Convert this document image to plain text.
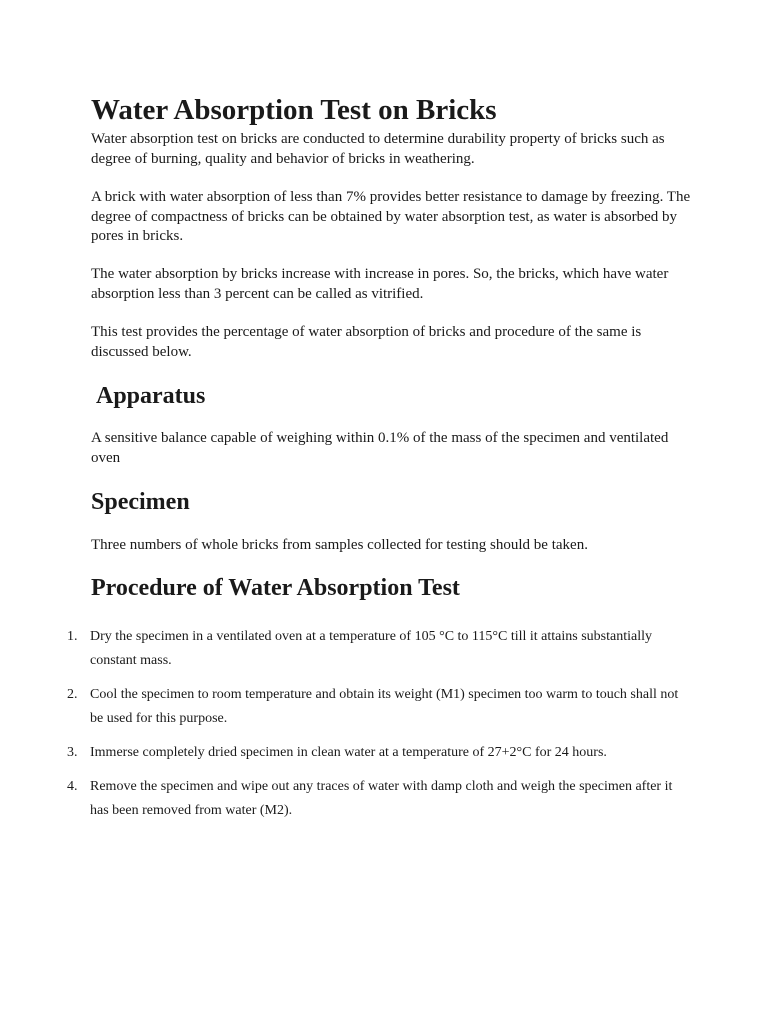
Water Absorption Test on Bricks

Water absorption test on bricks are conducted to determine durability property of bricks such as degree of burning, quality and behavior of bricks in weathering.

A brick with water absorption of less than 7% provides better resistance to damage by freezing. The degree of compactness of bricks can be obtained by water absorption test, as water is absorbed by pores in bricks.

The water absorption by bricks increase with increase in pores. So, the bricks, which have water absorption less than 3 percent can be called as vitrified.

This test provides the percentage of water absorption of bricks and procedure of the same is discussed below.

Apparatus

A sensitive balance capable of weighing within 0.1% of the mass of the specimen and ventilated oven

Specimen

Three numbers of whole bricks from samples collected for testing should be taken.

Procedure of Water Absorption Test
1. Dry the specimen in a ventilated oven at a temperature of 105 °C to 115°C till it attains substantially constant mass.
2. Cool the specimen to room temperature and obtain its weight (M1) specimen too warm to touch shall not be used for this purpose.
3. Immerse completely dried specimen in clean water at a temperature of 27+2°C for 24 hours.
4. Remove the specimen and wipe out any traces of water with damp cloth and weigh the specimen after it has been removed from water (M2).
